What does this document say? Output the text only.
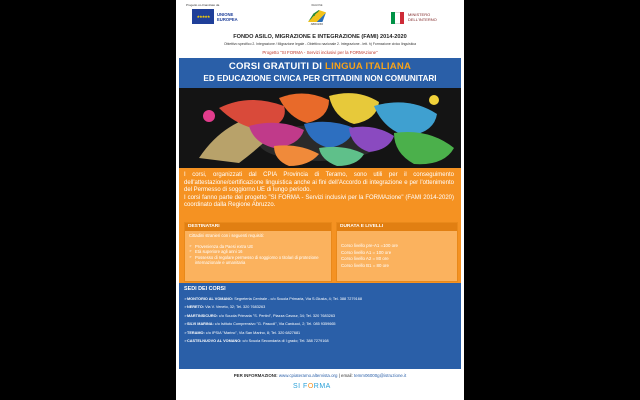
Progetto co-finanziato da
★★★★★	UNIONE
EUROPEA
REGIONE
ABRUZZO
MINISTERO
DELL'INTERNO
FONDO ASILO, MIGRAZIONE E INTEGRAZIONE (FAMI) 2014-2020
Obiettivo specifico 2. Integrazione / Migrazione legale - Obiettivo nazionale 2. Integrazione - lett. h) Formazione civico linguistica
Progetto "SI FORMA - Servizi inclusivi per la FORMAzione"
CORSI GRATUITI DI LINGUA ITALIANA
ED EDUCAZIONE CIVICA PER CITTADINI NON COMUNITARI
I corsi, organizzati dal CPIA Provincia di Teramo, sono utili per il conseguimento dell'attestazione/certificazione linguistica anche ai fini dell'Accordo di integrazione e per l'ottenimento del Permesso di soggiorno UE di lungo periodo.
I corsi fanno parte del progetto "SI FORMA - Servizi inclusivi per la FORMAzione" (FAMI 2014-2020) coordinato dalla Regione Abruzzo.
DESTINATARI
Cittadini stranieri con i seguenti requisiti:
➢ Provenienza da Paesi extra UE
➢ Età superiore agli anni 16
➢ Possesso di regolare permesso di soggiorno o titolari di protezione internazionale e umanitaria
DURATA E LIVELLI
Corso livello pre-A1 =100 ore
Corso livello A1 = 100 ore
Corso livello A2 = 80 ore
Corso livello B1 = 80 ore
SEDI DEI CORSI
➢ MONTORIO AL VOMANO: Segreteria Centrale - c/o Scuola Primaria, Via S.Giusta, 4; Tel. 388 7279168
➢ NERETO: Via V. Veneto, 32; Tel. 320 7683263
➢ MARTINSICURO: c/o Scuola Primaria "S. Pertini", Piazza Cavour, 34; Tel. 320 7683263
➢ SILVI MARINA: c/o Istituto Comprensivo "G. Pascoli", Via Carducci, 2; Tel. 085 9359665
➢ TERAMO: c/o IPSIA "Marino", Via San Marino, 8; Tel. 320 6827681
➢ CASTELNUOVO AL VOMANO: c/o Scuola Secondaria di I grado; Tel. 388 7279168
PER INFORMAZIONI: www.cpiateramo.altervista.org | email: temm06000g@istruzione.it
SI FORMA
